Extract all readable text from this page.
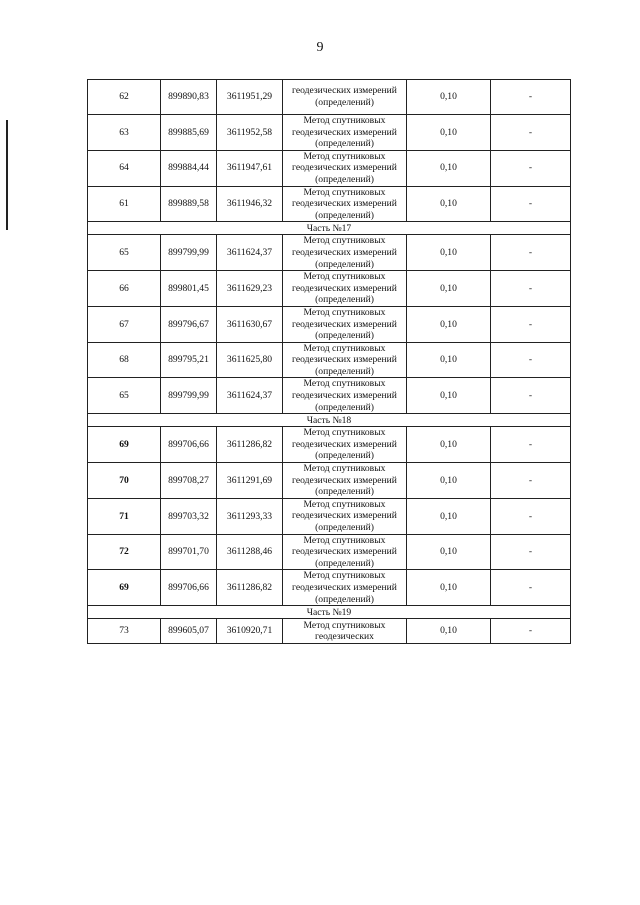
9
62	899890,83	3611951,29	геодезических измерений (определений)	0,10	-
63	899885,69	3611952,58	Метод спутниковых геодезических измерений (определений)	0,10	-
64	899884,44	3611947,61	Метод спутниковых геодезических измерений (определений)	0,10	-
61	899889,58	3611946,32	Метод спутниковых геодезических измерений (определений)	0,10	-
Часть №17					
65	899799,99	3611624,37	Метод спутниковых геодезических измерений (определений)	0,10	-
66	899801,45	3611629,23	Метод спутниковых геодезических измерений (определений)	0,10	-
67	899796,67	3611630,67	Метод спутниковых геодезических измерений (определений)	0,10	-
68	899795,21	3611625,80	Метод спутниковых геодезических измерений (определений)	0,10	-
65	899799,99	3611624,37	Метод спутниковых геодезических измерений (определений)	0,10	-
Часть №18					
69	899706,66	3611286,82	Метод спутниковых геодезических измерений (определений)	0,10	-
70	899708,27	3611291,69	Метод спутниковых геодезических измерений (определений)	0,10	-
71	899703,32	3611293,33	Метод спутниковых геодезических измерений (определений)	0,10	-
72	899701,70	3611288,46	Метод спутниковых геодезических измерений (определений)	0,10	-
69	899706,66	3611286,82	Метод спутниковых геодезических измерений (определений)	0,10	-
Часть №19					
73	899605,07	3610920,71	Метод спутниковых геодезических	0,10	-
